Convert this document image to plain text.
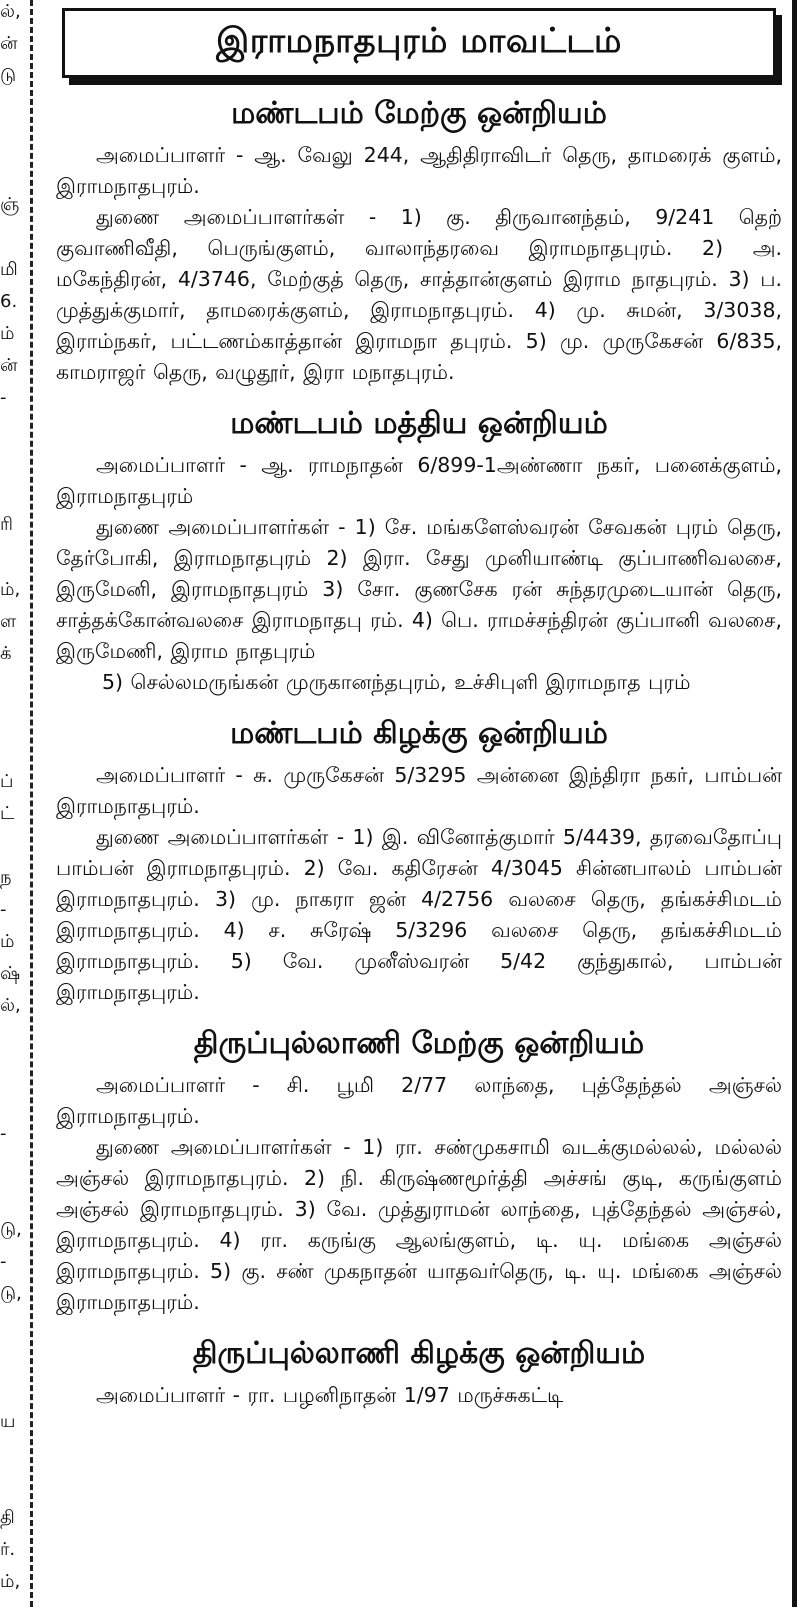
ல்,
ன்
டு
ஞ்
மி
6.
ம்
ன்
-
ரி
ம்,
ள
க்
ப்
ட்
ந
-
ம்
ஷ்
ல்,
-
டு,
-
டு,
ய
தி
ர்.
ம்,
இராமநாதபுரம் மாவட்டம்
மண்டபம் மேற்கு ஒன்றியம்

அமைப்பாளர் - ஆ. வேலு 244, ஆதிதிராவிடர் தெரு, தாமரைக் குளம், இராமநாதபுரம்.

துணை அமைப்பாளர்கள் - 1) கு. திருவானந்தம், 9/241 தெற் குவாணிவீதி, பெருங்குளம், வாலாந்தரவை இராமநாதபுரம். 2) அ. மகேந்திரன், 4/3746, மேற்குத் தெரு, சாத்தான்குளம் இராம நாதபுரம். 3) ப. முத்துக்குமார், தாமரைக்குளம், இராமநாதபுரம். 4) மு. சுமன், 3/3038, இராம்நகர், பட்டணம்காத்தான் இராமநா தபுரம். 5) மு. முருகேசன் 6/835, காமராஜர் தெரு, வழுதூர், இரா மநாதபுரம்.

மண்டபம் மத்திய ஒன்றியம்

அமைப்பாளர் - ஆ. ராமநாதன் 6/899-1அண்ணா நகர், பனைக்குளம், இராமநாதபுரம்

துணை அமைப்பாளர்கள் - 1) சே. மங்களேஸ்வரன் சேவகன் புரம் தெரு, தேர்போகி, இராமநாதபுரம் 2) இரா. சேது முனியாண்டி குப்பாணிவலசை, இருமேனி, இராமநாதபுரம் 3) சோ. குணசேக ரன் சுந்தரமுடையான் தெரு, சாத்தக்கோன்வலசை இராமநாதபு ரம். 4) பெ. ராமச்சந்திரன் குப்பானி வலசை, இருமேணி, இராம நாதபுரம்

5) செல்லமருங்கன் முருகானந்தபுரம், உச்சிபுளி இராமநாத புரம்

மண்டபம் கிழக்கு ஒன்றியம்

அமைப்பாளர் - சு. முருகேசன் 5/3295 அன்னை இந்திரா நகர், பாம்பன் இராமநாதபுரம்.

துணை அமைப்பாளர்கள் - 1) இ. வினோத்குமார் 5/4439, தரவைதோப்பு பாம்பன் இராமநாதபுரம். 2) வே. கதிரேசன் 4/3045 சின்னபாலம் பாம்பன் இராமநாதபுரம். 3) மு. நாகரா ஜன் 4/2756 வலசை தெரு, தங்கச்சிமடம் இராமநாதபுரம். 4) ச. சுரேஷ் 5/3296 வலசை தெரு, தங்கச்சிமடம் இராமநாதபுரம். 5) வே. முனீஸ்வரன் 5/42 குந்துகால், பாம்பன் இராமநாதபுரம்.

திருப்புல்லாணி மேற்கு ஒன்றியம்

அமைப்பாளர் - சி. பூமி 2/77 லாந்தை, புத்தேந்தல் அஞ்சல் இராமநாதபுரம்.

துணை அமைப்பாளர்கள் - 1) ரா. சண்முகசாமி வடக்குமல்லல், மல்லல் அஞ்சல் இராமநாதபுரம். 2) நி. கிருஷ்ணமூர்த்தி அச்சங் குடி, கருங்குளம் அஞ்சல் இராமநாதபுரம். 3) வே. முத்துராமன் லாந்தை, புத்தேந்தல் அஞ்சல், இராமநாதபுரம். 4) ரா. கருங்கு ஆலங்குளம், டி. யு. மங்கை அஞ்சல் இராமநாதபுரம். 5) கு. சண் முகநாதன் யாதவர்தெரு, டி. யு. மங்கை அஞ்சல் இராமநாதபுரம்.

திருப்புல்லாணி கிழக்கு ஒன்றியம்

அமைப்பாளர் - ரா. பழனிநாதன் 1/97 மருச்சுகட்டி
